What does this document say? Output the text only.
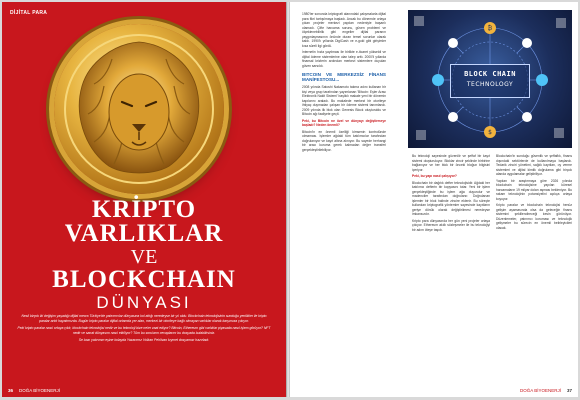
DİJİTAL PARA
KRİPTO
VARLIKLAR
VE
BLOCKCHAIN
DÜNYASI

Nesil birçok iki değişim yaşadığı dijital mecra Türkiye'de yatırımcılar dünyasına kol attığı neredeyse bir yıl oldu. Blockchain teknolojisinin sunduğu yenilikler ile kripto paralar artık hayatımızda. Bugün kripto paralar dijital ortamda yer alan, merkezi bir otoriteye bağlı olmayan varlıklar olarak karşımıza çıkıyor.

Peki kripto paralar nasıl ortaya çıktı, blockchain teknolojisi nedir ve bu teknoloji bize neler vaat ediyor? Bitcoin, Ethereum gibi varlıklar piyasada nasıl işlem görüyor? NFT nedir ve sanat dünyasını nasıl etkiliyor? Tüm bu soruların cevaplarını bu dosyada bulabilirsiniz.

Se bazı yatırımın eşine kolayda Yazarımız Volkan Pehlivan kıymet dosyamızı hazırladı.

36 DOĞA BİYOENERJİ

1980'ler sonunda kriptografi alanındaki çalışmalarla dijital para fikri tartışılmaya başladı. Ancak bu dönemde ortaya çıkan projeler merkezi yapıları nedeniyle başarılı olamadı. Çifte harcama sorunu, güven problemi ve ölçeklenebilirlik gibi engeller dijital paranın yaygınlaşmasının önünde duran temel sorunlar olarak kaldı. 1990'lı yıllarda DigiCash ve e-gold gibi girişimler kısa süreli ilgi gördü.

İnternetin hızla yayılması ile birlikte e-ticaret yükseldi ve dijital ödeme sistemlerine olan talep arttı. 2000'li yıllarda finansal krizlerin ardından merkezi sistemlere duyulan güven sarsıldı.

BITCOIN VE MERKEZSİZ FİNANS MANİFESTOSU...

2008 yılında Satoshi Nakamoto takma adını kullanan bir kişi veya grup tarafından yayımlanan 'Bitcoin: Eşler Arası Elektronik Nakit Sistemi' başlıklı makale yeni bir dönemin kapılarını araladı. Bu makalede merkezi bir otoriteye ihtiyaç duymadan çalışan bir ödeme sistemi tanımlandı. 2009 yılında ilk blok olan Genesis Block oluşturuldu ve Bitcoin ağı faaliyete geçti.

Peki, bu Bitcoin ne özel ve dünyayı değiştirmeye başladı? Neden önemli?

Bitcoin'in en önemli özelliği kimsenin kontrolünde olmaması. İşlemler ağdaki tüm katılımcılar tarafından doğrulanıyor ve kayıt altına alınıyor. Bu sayede herhangi bir aracı kuruma gerek kalmadan değer transferi gerçekleştirilebiliyor.

₿
$
BLOCK CHAIN
TECHNOLOGY

Bu teknoloji sayesinde güvenilir ve şeffaf bir kayıt sistemi oluşturuluyor. Bloklar zincir şeklinde birbirine bağlanıyor ve her blok bir önceki bloğun bilgisini içeriyor.

Peki, bu yapı nasıl çalışıyor?

Blockchain bir dağıtık defter teknolojisidir. Ağdaki her katılımcı defterin bir kopyasını tutar. Yeni bir işlem gerçekleştiğinde bu işlem ağa duyurulur ve madenciler tarafından doğrulanır. Doğrulanan işlemler bir blok halinde zincire eklenir. Bu süreçte kullanılan kriptografik yöntemler sayesinde kayıtların geriye dönük olarak değiştirilmesi neredeyse imkansızdır.

Kripto para dünyasında her gün yeni projeler ortaya çıkıyor. Ethereum akıllı sözleşmeler ile bu teknolojiyi bir adım öteye taşıdı.

Blockchain'in sunduğu güvenlik ve şeffaflık, finans dışındaki sektörlerde de kullanılmaya başlandı. Tedarik zinciri yönetimi, sağlık kayıtları, oy verme sistemleri ve dijital kimlik doğrulama gibi birçok alanda uygulamalar geliştiriliyor.

Yapılan bir araştırmaya göre 2026 yılında blockchain teknolojisine yapılan küresel harcamaların 19 milyar doları aşması bekleniyor. Bu rakam teknolojinin potansiyelini açıkça ortaya koyuyor.

Kripto paralar ve blockchain teknolojisi henüz gelişim aşamasında olsa da geleceğin finans sistemini şekillendireceği kesin görünüyor. Düzenlemeler, yatırımcı koruması ve teknolojik gelişmeler bu sürecin en önemli belirleyicileri olacak.

DOĞA BİYOENERJİ 37
